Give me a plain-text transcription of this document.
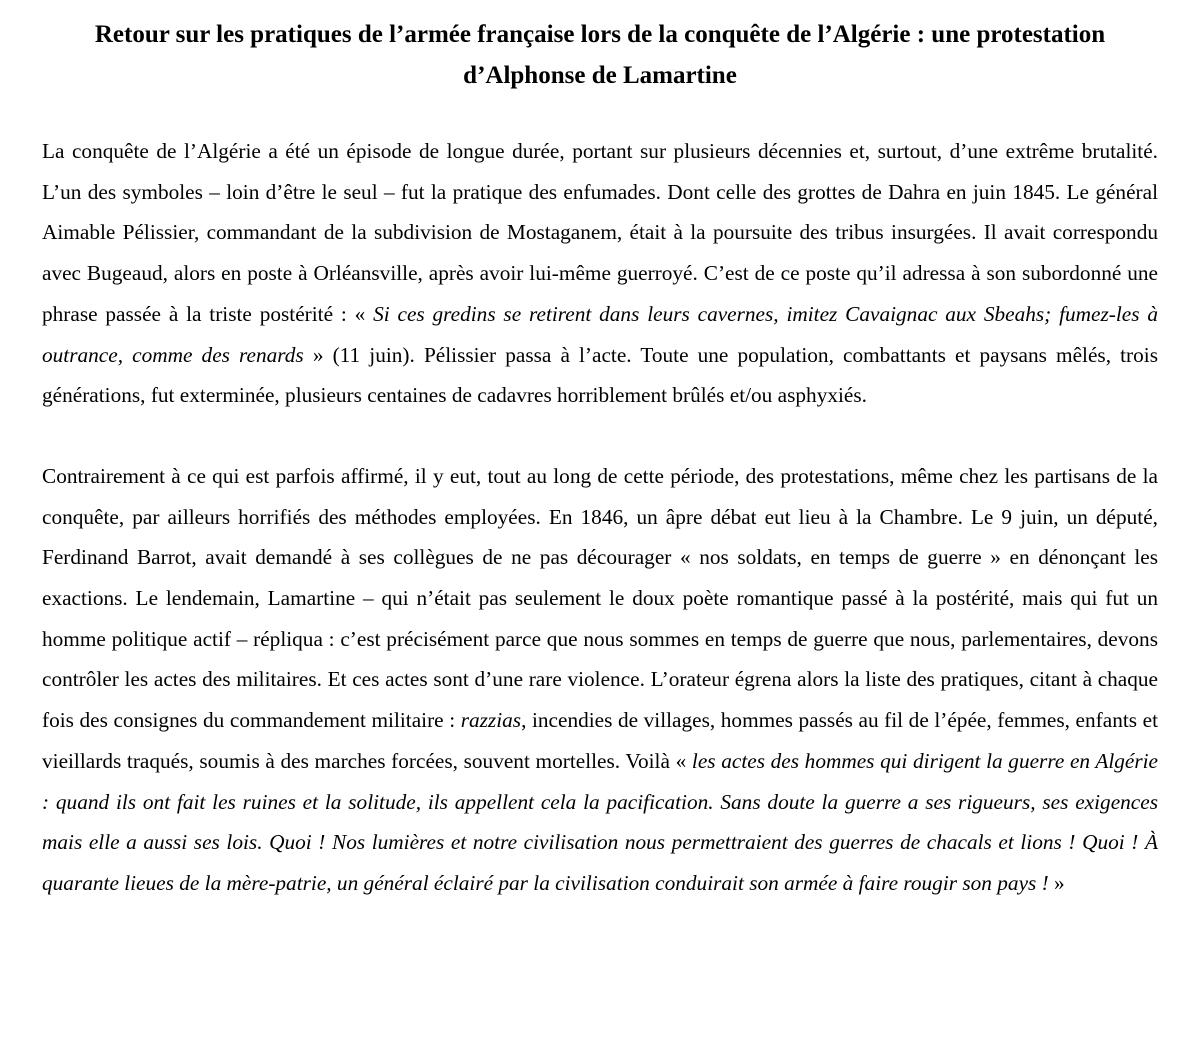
Retour sur les pratiques de l’armée française lors de la conquête de l’Algérie : une protestation d’Alphonse de Lamartine

La conquête de l’Algérie a été un épisode de longue durée, portant sur plusieurs décennies et, surtout, d’une extrême brutalité. L’un des symboles – loin d’être le seul – fut la pratique des enfumades. Dont celle des grottes de Dahra en juin 1845. Le général Aimable Pélissier, commandant de la subdivision de Mostaganem, était à la poursuite des tribus insurgées. Il avait correspondu avec Bugeaud, alors en poste à Orléansville, après avoir lui-même guerroyé. C’est de ce poste qu’il adressa à son subordonné une phrase passée à la triste postérité : « Si ces gredins se retirent dans leurs cavernes, imitez Cavaignac aux Sbeahs; fumez-les à outrance, comme des renards » (11 juin). Pélissier passa à l’acte. Toute une population, combattants et paysans mêlés, trois générations, fut exterminée, plusieurs centaines de cadavres horriblement brûlés et/ou asphyxiés.

Contrairement à ce qui est parfois affirmé, il y eut, tout au long de cette période, des protestations, même chez les partisans de la conquête, par ailleurs horrifiés des méthodes employées. En 1846, un âpre débat eut lieu à la Chambre. Le 9 juin, un député, Ferdinand Barrot, avait demandé à ses collègues de ne pas décourager « nos soldats, en temps de guerre » en dénonçant les exactions. Le lendemain, Lamartine – qui n’était pas seulement le doux poète romantique passé à la postérité, mais qui fut un homme politique actif – répliqua : c’est précisément parce que nous sommes en temps de guerre que nous, parlementaires, devons contrôler les actes des militaires. Et ces actes sont d’une rare violence. L’orateur égrena alors la liste des pratiques, citant à chaque fois des consignes du commandement militaire : razzias, incendies de villages, hommes passés au fil de l’épée, femmes, enfants et vieillards traqués, soumis à des marches forcées, souvent mortelles. Voilà « les actes des hommes qui dirigent la guerre en Algérie : quand ils ont fait les ruines et la solitude, ils appellent cela la pacification. Sans doute la guerre a ses rigueurs, ses exigences mais elle a aussi ses lois. Quoi ! Nos lumières et notre civilisation nous permettraient des guerres de chacals et lions ! Quoi ! À quarante lieues de la mère-patrie, un général éclairé par la civilisation conduirait son armée à faire rougir son pays ! »
